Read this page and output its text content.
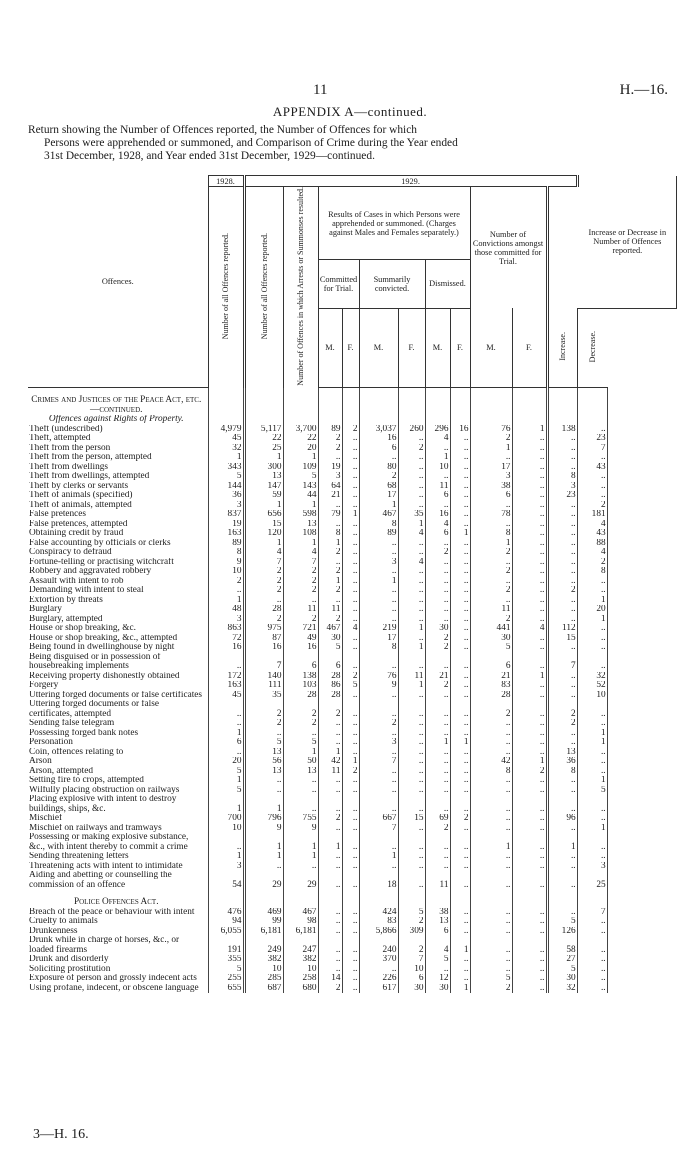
11	H.—16.
APPENDIX A—continued.
Return showing the Number of Offences reported, the Number of Offences for which
Persons were apprehended or summoned, and Comparison of Crime during the Year ended
31st December, 1928, and Year ended 31st December, 1929—continued.
Offences.	1928.	1929.											Increase or Decrease in Number of Offences reported.
	Number of all Offences reported.	Number of all Offences reported.	Number of Offences in which Arrests or Summonses resulted.	Results of Cases in which Persons were apprehended or summoned. (Charges against Males and Females separately.)						Number of Convictions amongst those committed for Trial.			
				Committed for Trial.		Summarily convicted.		Dismissed.					
				M.	F.	M.	F.	M.	F.	M.	F.	Increase.	Decrease.
Crimes and Justices of the Peace Act, etc.—continued.													
Offences against Rights of Property.													
Theft (undescribed)	4,979	5,117	3,700	89	2	3,037	260	296	16	76	1	138	..
Theft, attempted	45	22	22	2	..	16	..	4	..	2	..	..	23
Theft from the person	32	25	20	2	..	6	2	..	..	1	..	..	7
Theft from the person, attempted	1	1	1	..	..	..	..	1	..	..	..	..	..
Theft from dwellings	343	300	109	19	..	80	..	10	..	17	..	..	43
Theft from dwellings, attempted	5	13	5	3	..	2	..	..	..	3	..	8	..
Theft by clerks or servants	144	147	143	64	..	68	..	11	..	38	..	3	..
Theft of animals (specified)	36	59	44	21	..	17	..	6	..	6	..	23	..
Theft of animals, attempted	3	1	1	..	..	1	..	..	..	..	..	..	2
False pretences	837	656	598	79	1	467	35	16	..	78	..	..	181
False pretences, attempted	19	15	13	..	..	8	1	4	..	..	..	..	4
Obtaining credit by fraud	163	120	108	8	..	89	4	6	1	8	..	..	43
False accounting by officials or clerks	89	1	1	1	..	..	..	..	..	1	..	..	88
Conspiracy to defraud	8	4	4	2	..	..	..	2	..	2	..	..	4
Fortune-telling or practising witchcraft	9	7	7	..	..	3	4	..	..	..	..	..	2
Robbery and aggravated robbery	10	2	2	2	..	..	..	..	..	2	..	..	8
Assault with intent to rob	2	2	2	1	..	1	..	..	..	..	..	..	..
Demanding with intent to steal	..	2	2	2	..	..	..	..	..	2	..	2	..
Extortion by threats	1	..	..	..	..	..	..	..	..	..	..	..	1
Burglary	48	28	11	11	..	..	..	..	..	11	..	..	20
Burglary, attempted	3	2	2	2	..	..	..	..	..	2	..	..	1
House or shop breaking, &c.	863	975	721	467	4	219	1	30	..	441	4	112	..
House or shop breaking, &c., attempted	72	87	49	30	..	17	..	2	..	30	..	15	..
Being found in dwellinghouse by night	16	16	16	5	..	8	1	2	..	5	..	..	..
Being disguised or in possession of housebreaking implements	..	7	6	6	..	..	..	..	..	6	..	7	..
Receiving property dishonestly obtained	172	140	138	28	2	76	11	21	..	21	1	..	32
Forgery	163	111	103	86	5	9	1	2	..	83	..	..	52
Uttering forged documents or false certificates	45	35	28	28	..	..	..	..	..	28	..	..	10
Uttering forged documents or false certificates, attempted	..	2	2	2	..	..	..	..	..	2	..	2	..
Sending false telegram	..	2	2	..	..	2	..	..	..	..	..	2	..
Possessing forged bank notes	1	..	..	..	..	..	..	..	..	..	..	..	1
Personation	6	5	5	..	..	3	..	1	1	..	..	..	1
Coin, offences relating to	..	13	1	1	..	..	..	..	..	..	..	13	..
Arson	20	56	50	42	1	7	..	..	..	42	1	36	..
Arson, attempted	5	13	13	11	2	..	..	..	..	8	2	8	..
Setting fire to crops, attempted	1	..	..	..	..	..	..	..	..	..	..	..	1
Wilfully placing obstruction on railways	5	..	..	..	..	..	..	..	..	..	..	..	5
Placing explosive with intent to destroy buildings, ships, &c.	1	1	..	..	..	..	..	..	..	..	..	..	..
Mischief	700	796	755	2	..	667	15	69	2	..	..	96	..
Mischief on railways and tramways	10	9	9	..	..	7	..	2	..	..	..	..	1
Possessing or making explosive substance, &c., with intent thereby to commit a crime	..	1	1	1	..	..	..	..	..	1	..	1	..
Sending threatening letters	1	1	1	..	..	1	..	..	..	..	..	..	..
Threatening acts with intent to intimidate	3	..	..	..	..	..	..	..	..	..	..	..	3
Aiding and abetting or counselling the commission of an offence	54	29	29	..	..	18	..	11	..	..	..	..	25
Police Offences Act.													
Breach of the peace or behaviour with intent	476	469	467	..	..	424	5	38	..	..	..	..	7
Cruelty to animals	94	99	98	..	..	83	2	13	..	..	..	5	..
Drunkenness	6,055	6,181	6,181	..	..	5,866	309	6	..	..	..	126	..
Drunk while in charge of horses, &c., or loaded firearms	191	249	247	..	..	240	2	4	1	..	..	58	..
Drunk and disorderly	355	382	382	..	..	370	7	5	..	..	..	27	..
Soliciting prostitution	5	10	10	..	..	..	10	..	..	..	..	5	..
Exposure of person and grossly indecent acts	255	285	258	14	..	226	6	12	..	5	..	30	..
Using profane, indecent, or obscene language	655	687	680	2	..	617	30	30	1	2	..	32	..
3—H. 16.
